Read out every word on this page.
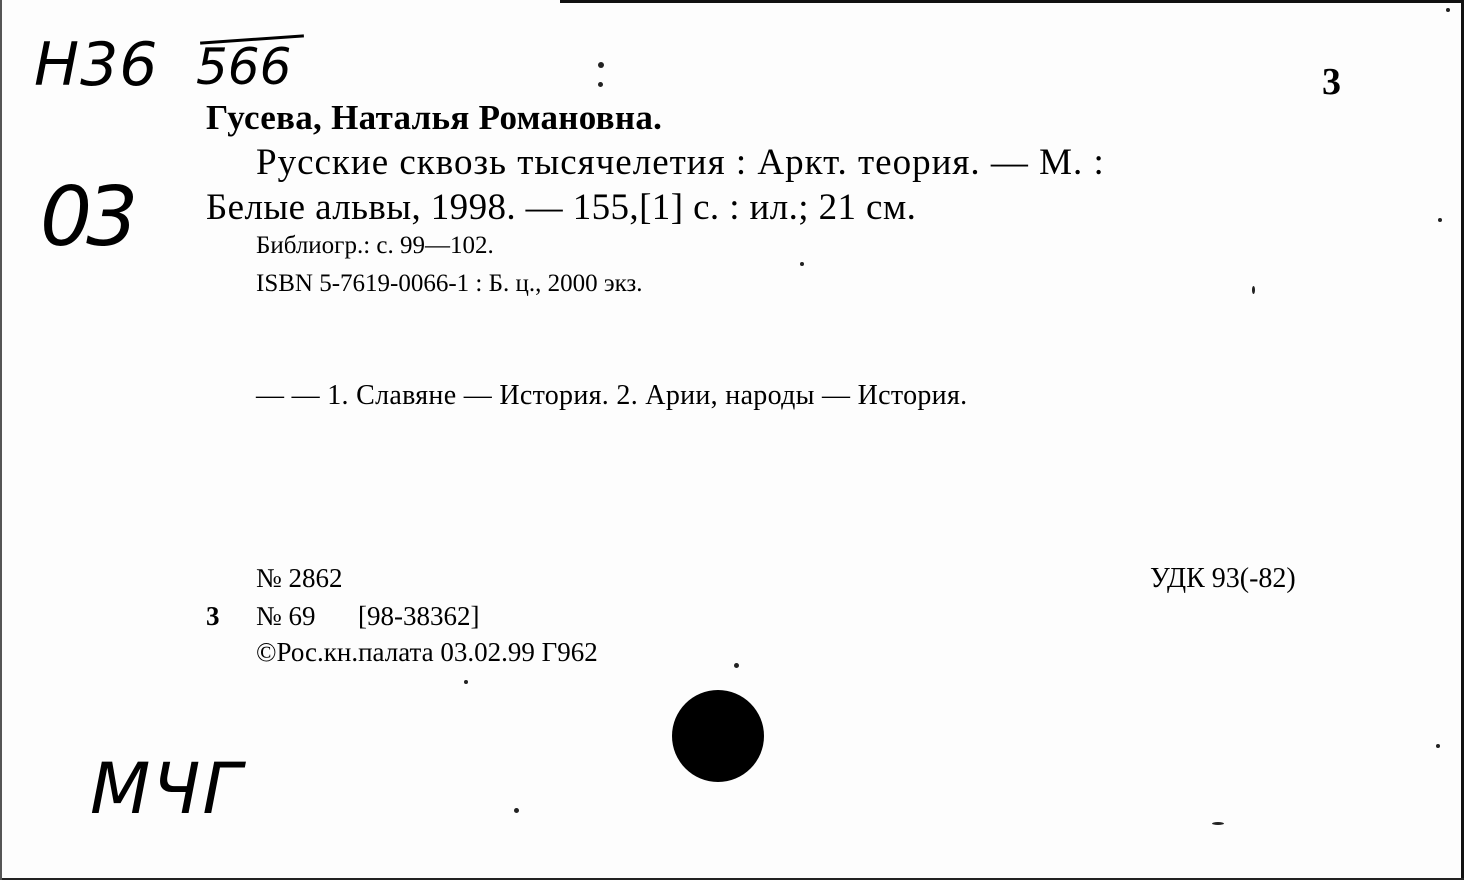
Н36 566
03
МЧГ

3

Гусева, Наталья Романовна.

Русские сквозь тысячелетия : Аркт. теория. — М. :

Белые альвы, 1998. — 155,[1] с. : ил.; 21 см.

Библиогр.: с. 99—102.

ISBN 5-7619-0066-1 : Б. ц., 2000 экз.

— — 1. Славяне — История. 2. Арии, народы — История.

№ 2862

3 № 69 [98-38362]

©Рос.кн.палата 03.02.99 Г962

УДК 93(-82)
